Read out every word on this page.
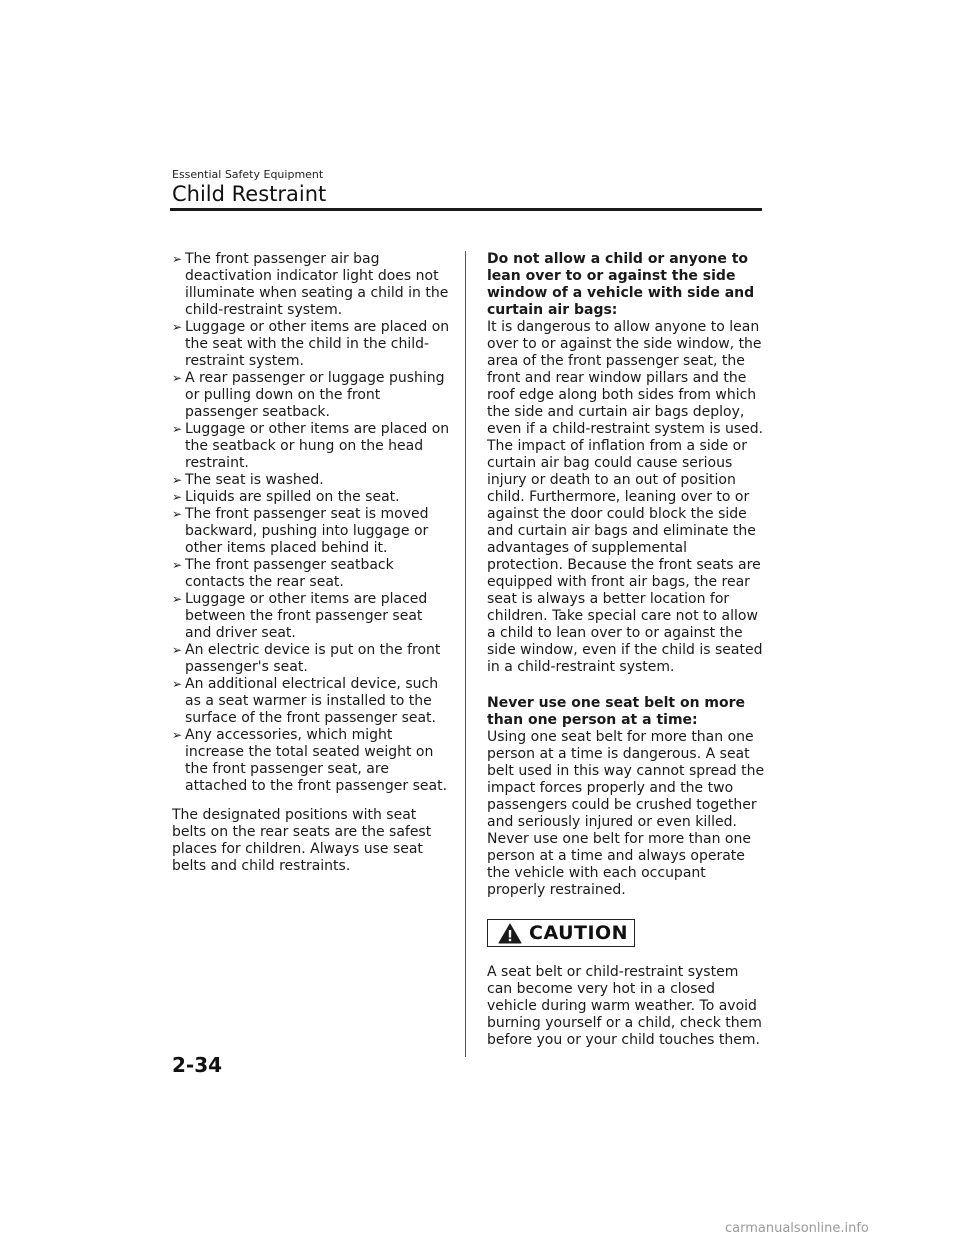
Essential Safety Equipment
Child Restraint

➢ The front passenger air bag deactivation indicator light does not illuminate when seating a child in the child-restraint system.

➢ Luggage or other items are placed on the seat with the child in the child-restraint system.

➢ A rear passenger or luggage pushing or pulling down on the front passenger seatback.

➢ Luggage or other items are placed on the seatback or hung on the head restraint.

➢ The seat is washed.

➢ Liquids are spilled on the seat.

➢ The front passenger seat is moved backward, pushing into luggage or other items placed behind it.

➢ The front passenger seatback contacts the rear seat.

➢ Luggage or other items are placed between the front passenger seat and driver seat.

➢ An electric device is put on the front passenger's seat.

➢ An additional electrical device, such as a seat warmer is installed to the surface of the front passenger seat.

➢ Any accessories, which might increase the total seated weight on the front passenger seat, are attached to the front passenger seat.

The designated positions with seat belts on the rear seats are the safest places for children. Always use seat belts and child restraints.

Do not allow a child or anyone to lean over to or against the side window of a vehicle with side and curtain air bags:
It is dangerous to allow anyone to lean over to or against the side window, the area of the front passenger seat, the front and rear window pillars and the roof edge along both sides from which the side and curtain air bags deploy, even if a child-restraint system is used. The impact of inflation from a side or curtain air bag could cause serious injury or death to an out of position child. Furthermore, leaning over to or against the door could block the side and curtain air bags and eliminate the advantages of supplemental protection. Because the front seats are equipped with front air bags, the rear seat is always a better location for children. Take special care not to allow a child to lean over to or against the side window, even if the child is seated in a child-restraint system.
Never use one seat belt on more than one person at a time:
Using one seat belt for more than one person at a time is dangerous. A seat belt used in this way cannot spread the impact forces properly and the two passengers could be crushed together and seriously injured or even killed. Never use one belt for more than one person at a time and always operate the vehicle with each occupant properly restrained.
CAUTION

A seat belt or child-restraint system can become very hot in a closed vehicle during warm weather. To avoid burning yourself or a child, check them before you or your child touches them.

2-34
carmanualsonline.info
